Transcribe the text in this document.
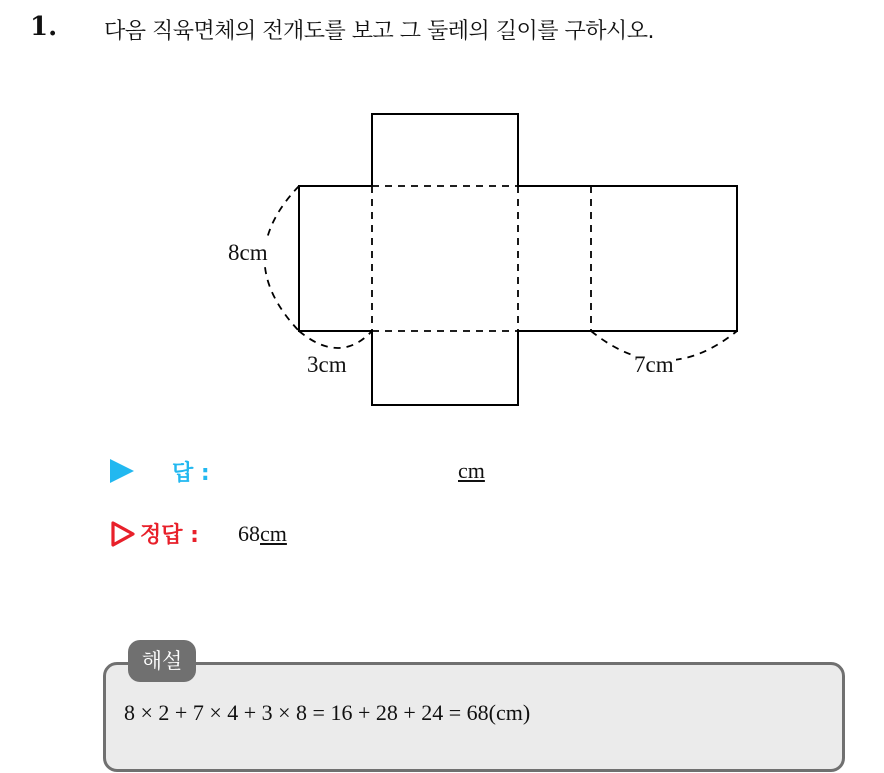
1. 다음 직육면체의 전개도를 보고 그 둘레의 길이를 구하시오.
8cm
3cm	7cm
답 :	cm
정답 : 68cm
해설
8 × 2 + 7 × 4 + 3 × 8 = 16 + 28 + 24 = 68(cm)
